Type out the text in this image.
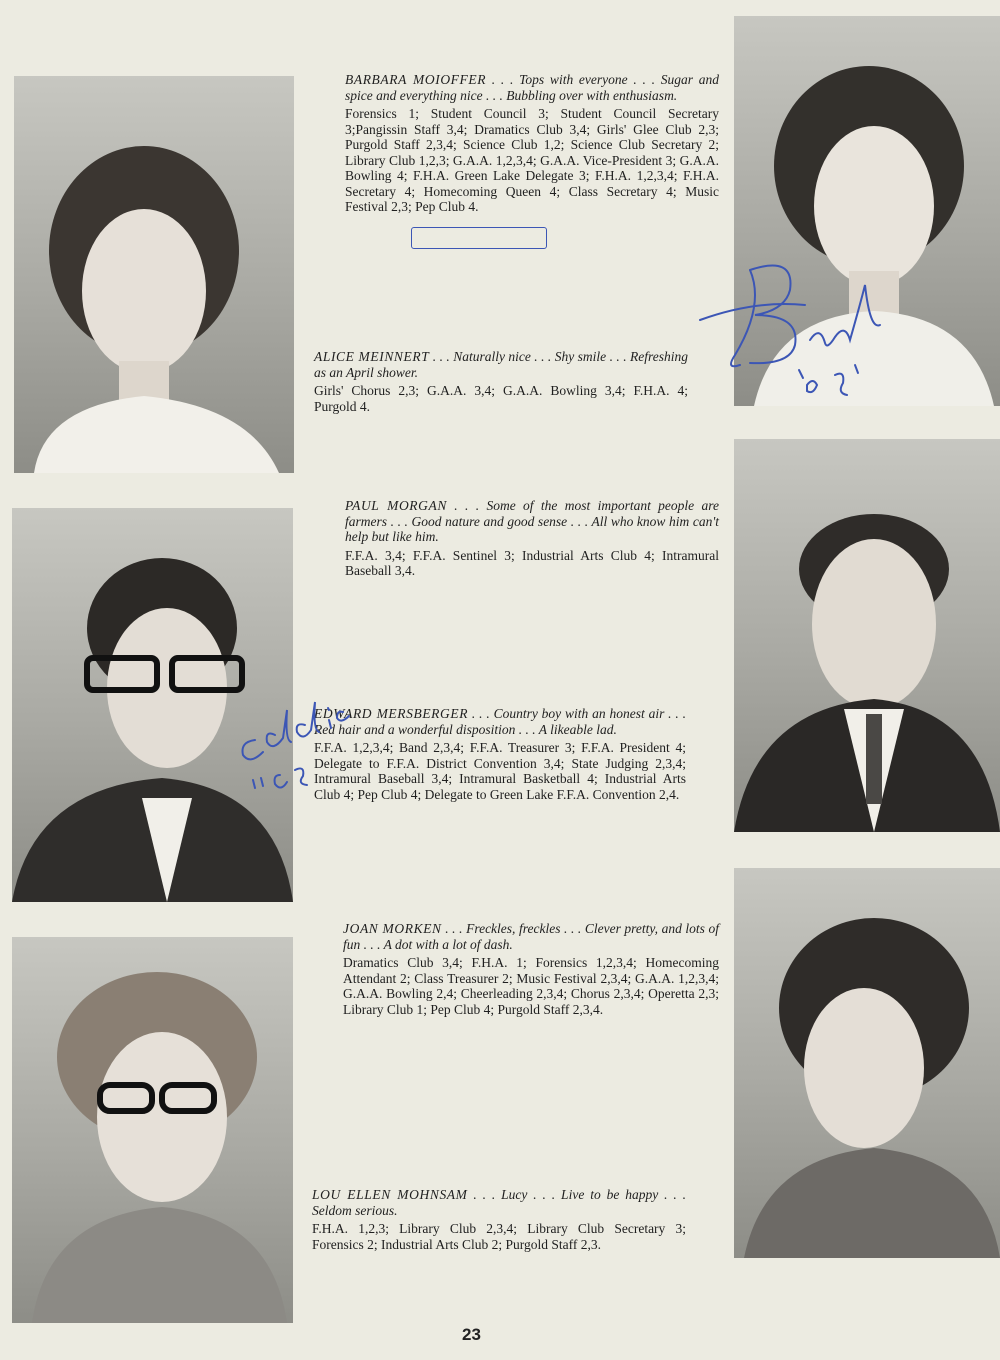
BARBARA MOIOFFER . . . Tops with everyone . . . Sugar and spice and everything nice . . . Bubbling over with enthusiasm.

Forensics 1; Student Council 3; Student Council Secretary 3;Pangissin Staff 3,4; Dramatics Club 3,4; Girls' Glee Club 2,3; Purgold Staff 2,3,4; Science Club 1,2; Science Club Secretary 2; Library Club 1,2,3; G.A.A. 1,2,3,4; G.A.A. Vice-President 3; G.A.A. Bowling 4; F.H.A. Green Lake Delegate 3; F.H.A. 1,2,3,4; F.H.A. Secretary 4; Homecoming Queen 4; Class Secretary 4; Music Festival 2,3; Pep Club 4.

ALICE MEINNERT . . . Naturally nice . . . Shy smile . . . Refreshing as an April shower.

Girls' Chorus 2,3; G.A.A. 3,4; G.A.A. Bowling 3,4; F.H.A. 4; Purgold 4.

PAUL MORGAN . . . Some of the most important people are farmers . . . Good nature and good sense . . . All who know him can't help but like him.

F.F.A. 3,4; F.F.A. Sentinel 3; Industrial Arts Club 4; Intramural Baseball 3,4.

EDWARD MERSBERGER . . . Country boy with an honest air . . . Red hair and a wonderful disposition . . . A likeable lad.

F.F.A. 1,2,3,4; Band 2,3,4; F.F.A. Treasurer 3; F.F.A. President 4; Delegate to F.F.A. District Convention 3,4; State Judging 2,3,4; Intramural Baseball 3,4; Intramural Basketball 4; Industrial Arts Club 4; Pep Club 4; Delegate to Green Lake F.F.A. Convention 2,4.

JOAN MORKEN . . . Freckles, freckles . . . Clever pretty, and lots of fun . . . A dot with a lot of dash.

Dramatics Club 3,4; F.H.A. 1; Forensics 1,2,3,4; Homecoming Attendant 2; Class Treasurer 2; Music Festival 2,3,4; G.A.A. 1,2,3,4; G.A.A. Bowling 2,4; Cheerleading 2,3,4; Chorus 2,3,4; Operetta 2,3; Library Club 1; Pep Club 4; Purgold Staff 2,3,4.

LOU ELLEN MOHNSAM . . . Lucy . . . Live to be happy . . . Seldom serious.

F.H.A. 1,2,3; Library Club 2,3,4; Library Club Secretary 3; Forensics 2; Industrial Arts Club 2; Purgold Staff 2,3.

23
